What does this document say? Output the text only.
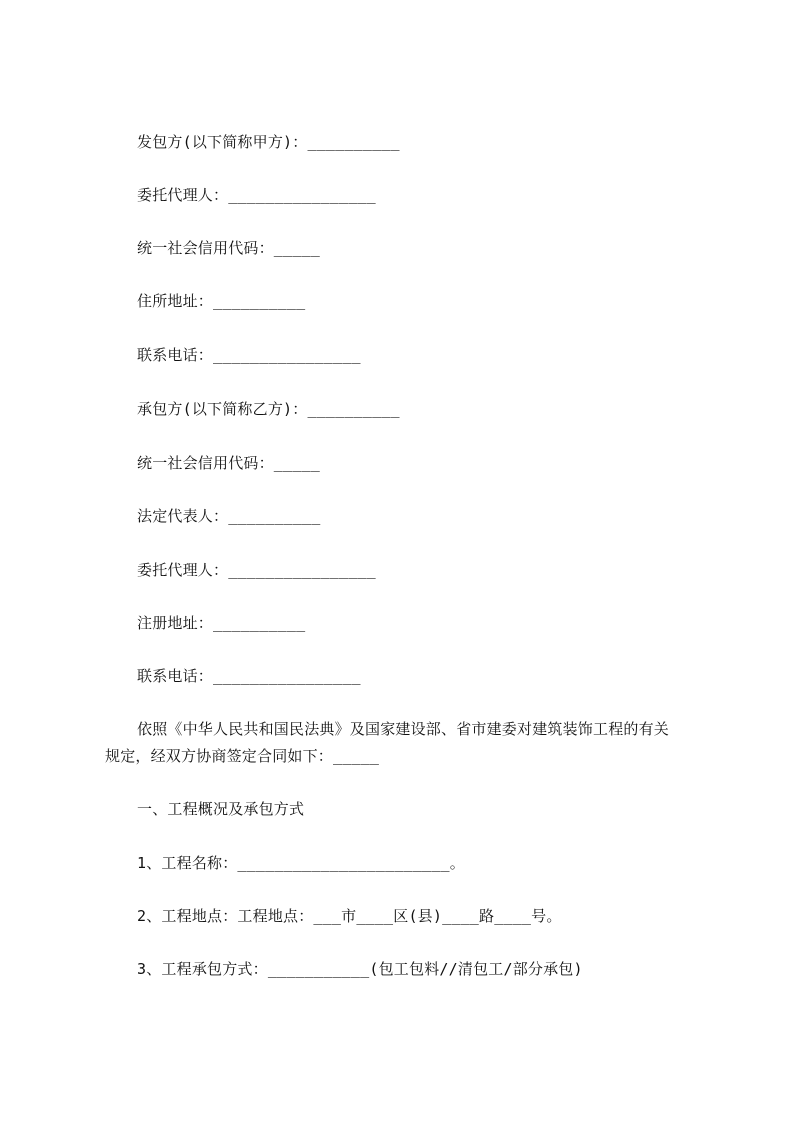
发包方(以下简称甲方)：__________
委托代理人：________________
统一社会信用代码：_____
住所地址：__________
联系电话：________________
承包方(以下简称乙方)：__________
统一社会信用代码：_____
法定代表人：__________
委托代理人：________________
注册地址：__________
联系电话：________________
依照《中华人民共和国民法典》及国家建设部、省市建委对建筑装饰工程的有关
规定，经双方协商签定合同如下：_____
一、工程概况及承包方式
1、工程名称：_______________________。
2、工程地点：工程地点：___市____区(县)____路____号。
3、工程承包方式：___________(包工包料//清包工/部分承包)
